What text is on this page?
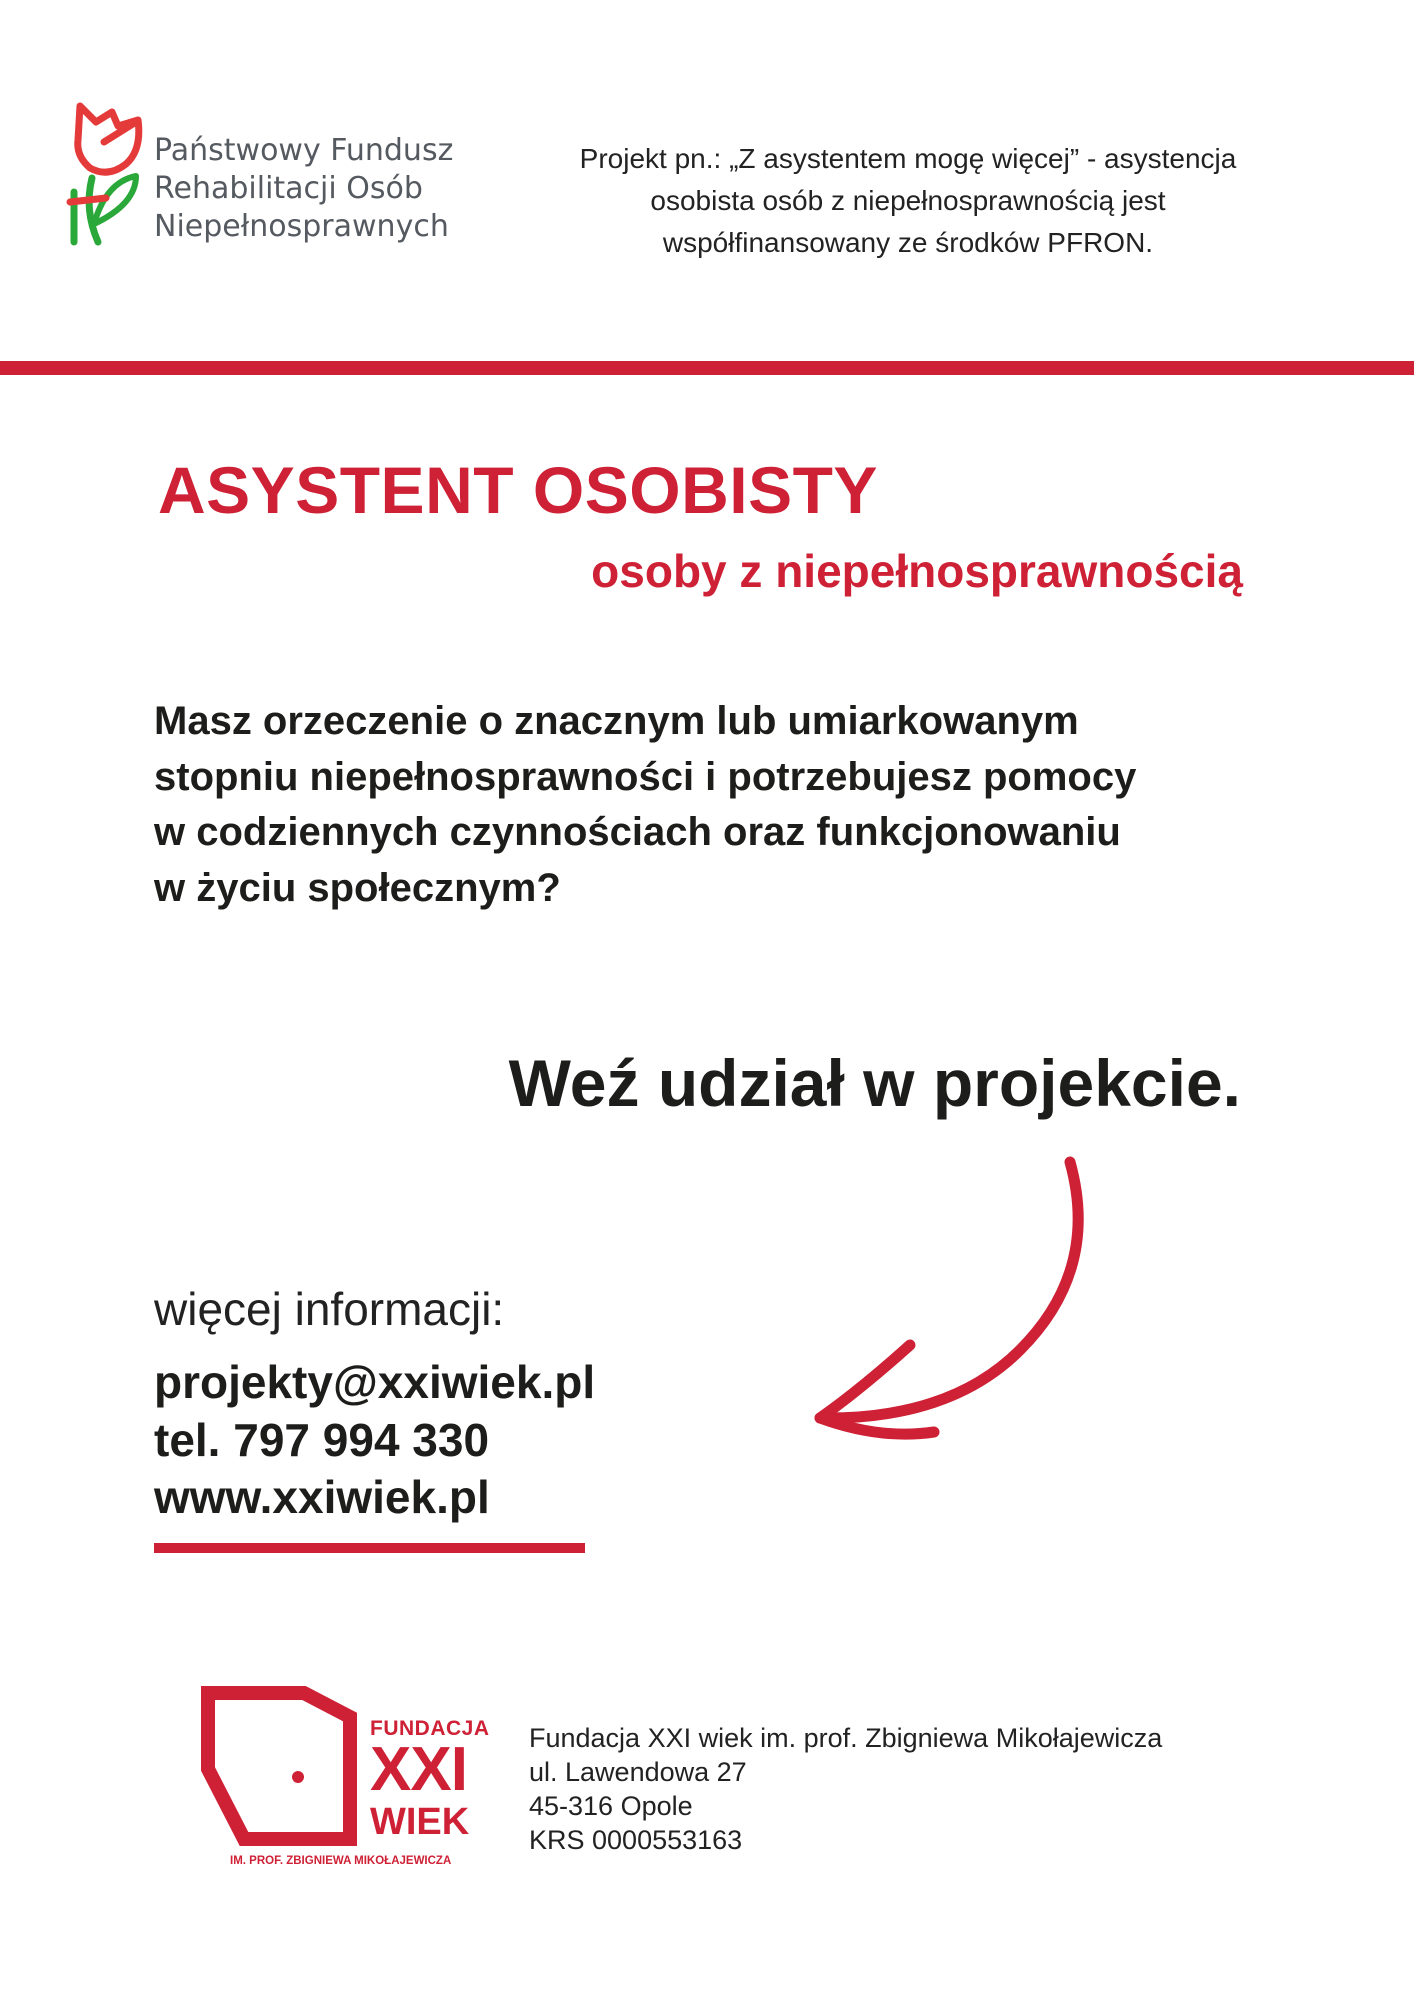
Państwowy Fundusz
Rehabilitacji Osób
Niepełnosprawnych
Projekt pn.: „Z asystentem mogę więcej” - asystencja
osobista osób z niepełnosprawnością jest
współfinansowany ze środków PFRON.
ASYSTENT OSOBISTY
osoby z niepełnosprawnością
Masz orzeczenie o znacznym lub umiarkowanym
stopniu niepełnosprawności i potrzebujesz pomocy
w codziennych czynnościach oraz funkcjonowaniu
w życiu społecznym?
Weź udział w projekcie.
więcej informacji:
projekty@xxiwiek.pl
tel. 797 994 330
www.xxiwiek.pl
FUNDACJA
XXI
WIEK
IM. PROF. ZBIGNIEWA MIKOŁAJEWICZA
Fundacja XXI wiek im. prof. Zbigniewa Mikołajewicza
ul. Lawendowa 27
45-316 Opole
KRS 0000553163
